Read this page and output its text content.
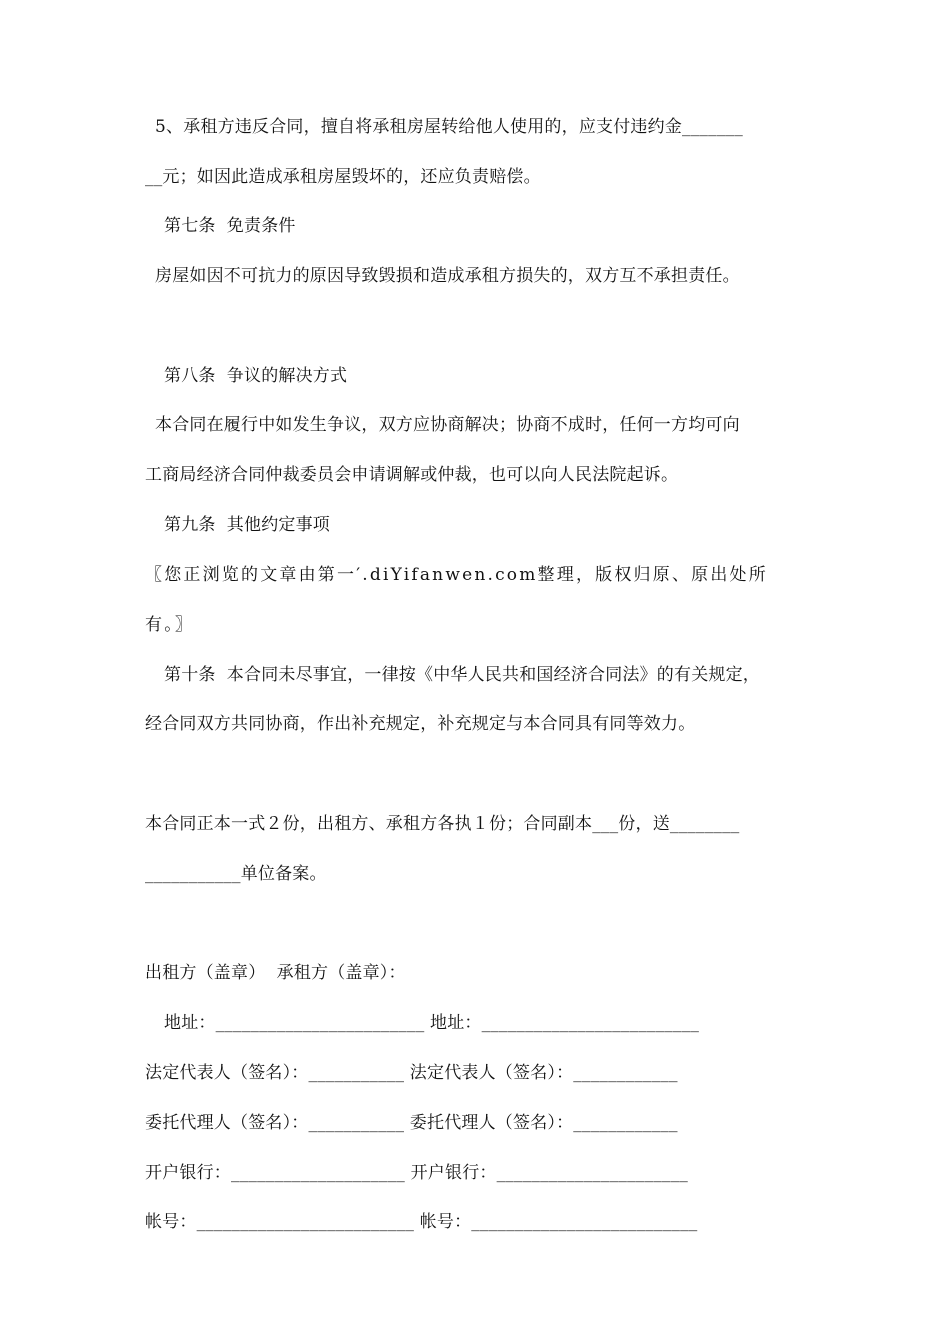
5、承租方违反合同，擅自将承租房屋转给他人使用的，应支付违约金_______
__元；如因此造成承租房屋毁坏的，还应负责赔偿。
第七条  免责条件
房屋如因不可抗力的原因导致毁损和造成承租方损失的，双方互不承担责任。
第八条  争议的解决方式
本合同在履行中如发生争议，双方应协商解决；协商不成时，任何一方均可向
工商局经济合同仲裁委员会申请调解或仲裁，也可以向人民法院起诉。
第九条  其他约定事项
〖您正浏览的文章由第一′.diYifanwen.com整理，版权归原、原出处所
有。〗
第十条  本合同未尽事宜，一律按《中华人民共和国经济合同法》的有关规定，
经合同双方共同协商，作出补充规定，补充规定与本合同具有同等效力。
本合同正本一式２份，出租方、承租方各执１份；合同副本___份，送________
___________单位备案。
出租方（盖章）  承租方（盖章）：
地址：________________________ 地址：_________________________
法定代表人（签名）：___________ 法定代表人（签名）：____________
委托代理人（签名）：___________ 委托代理人（签名）：____________
开户银行：____________________ 开户银行：______________________
帐号：_________________________ 帐号：__________________________
